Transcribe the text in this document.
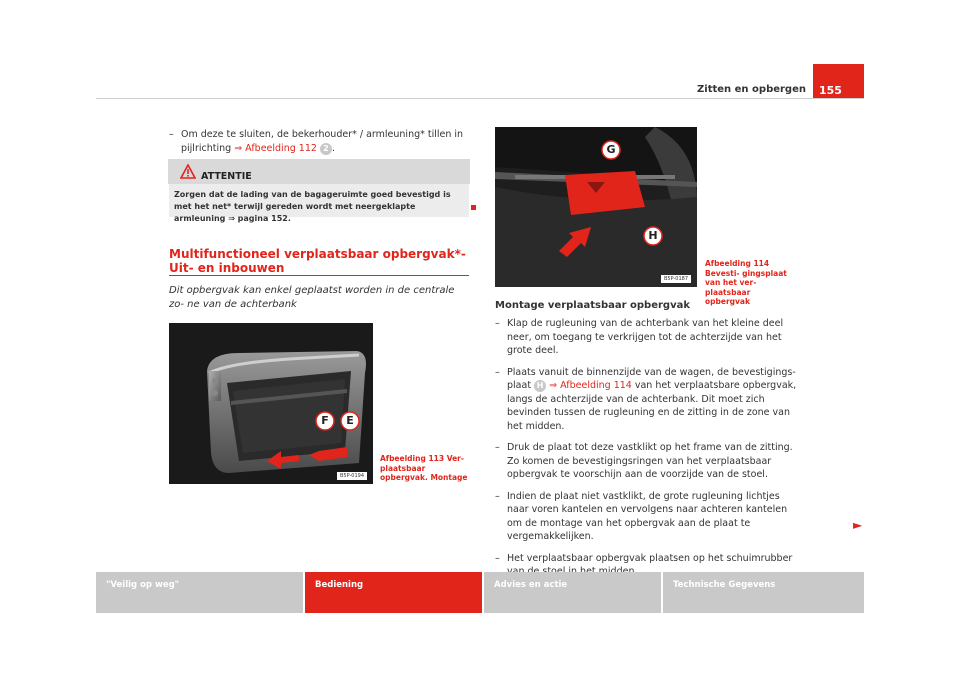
Zitten en opbergen	155
– Om deze te sluiten, de bekerhouder* / armleuning* tillen in pijlrichting ⇒ Afbeelding 112 2 .
ATTENTIE
Zorgen dat de lading van de bagageruimte goed bevestigd is met het net* terwijl gereden wordt met neergeklapte armleuning ⇒ pagina 152.
Multifunctioneel verplaatsbaar opbergvak*- Uit- en inbouwen
Dit opbergvak kan enkel geplaatst worden in de centrale zo- ne van de achterbank
F	E
B5P-0194
Afbeelding 113 Ver- plaatsbaar opbergvak. Montage
G
H
B5P-0187
Afbeelding 114 Bevesti- gingsplaat van het ver- plaatsbaar opbergvak
Montage verplaatsbaar opbergvak
– Klap de rugleuning van de achterbank van het kleine deel neer, om toegang te verkrijgen tot de achterzijde van het grote deel.
– Plaats vanuit de binnenzijde van de wagen, de bevestigings- plaat H ⇒ Afbeelding 114 van het verplaatsbare opbergvak, langs de achterzijde van de achterbank. Dit moet zich bevinden tussen de rugleuning en de zitting in de zone van het midden.
– Druk de plaat tot deze vastklikt op het frame van de zitting. Zo komen de bevestigingsringen van het verplaatsbaar opbergvak te voorschijn aan de voorzijde van de stoel.
– Indien de plaat niet vastklikt, de grote rugleuning lichtjes naar voren kantelen en vervolgens naar achteren kantelen om de montage van het opbergvak aan de plaat te vergemakkelijken.
– Het verplaatsbaar opbergvak plaatsen op het schuimrubber
►
"Veilig op weg"	Bediening	Advies en actie	Technische Gegevens
